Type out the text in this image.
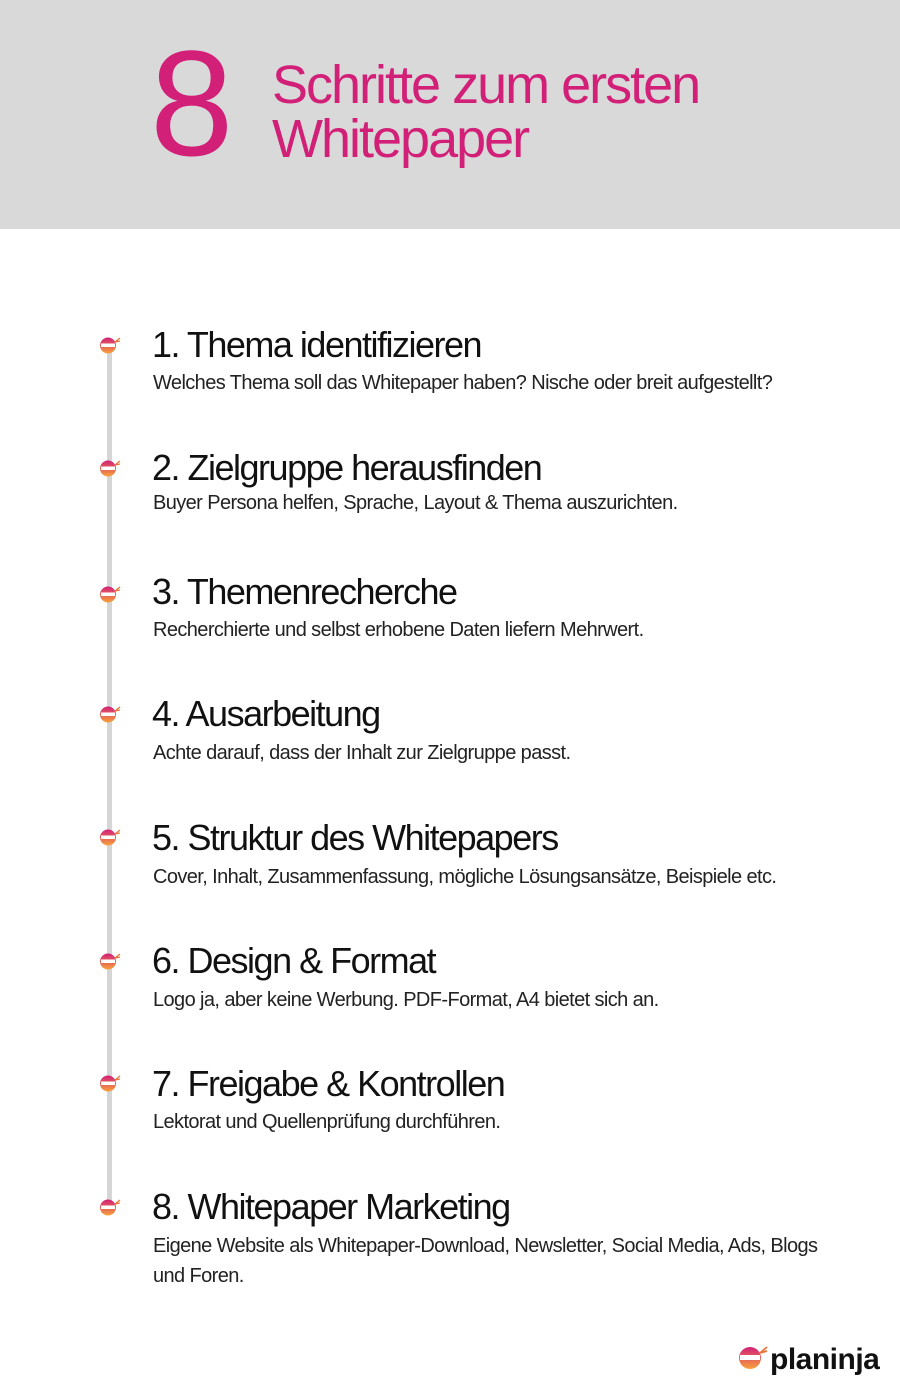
8 Schritte zum ersten
Whitepaper
1. Thema identifizieren
Welches Thema soll das Whitepaper haben? Nische oder breit aufgestellt?
2. Zielgruppe herausfinden
Buyer Persona helfen, Sprache, Layout & Thema auszurichten.
3. Themenrecherche
Recherchierte und selbst erhobene Daten liefern Mehrwert.
4. Ausarbeitung
Achte darauf, dass der Inhalt zur Zielgruppe passt.
5. Struktur des Whitepapers
Cover, Inhalt, Zusammenfassung, mögliche Lösungsansätze, Beispiele etc.
6. Design & Format
Logo ja, aber keine Werbung. PDF-Format, A4 bietet sich an.
7. Freigabe & Kontrollen
Lektorat und Quellenprüfung durchführen.
8. Whitepaper Marketing
Eigene Website als Whitepaper-Download, Newsletter, Social Media, Ads, Blogs und Foren.
planinja
